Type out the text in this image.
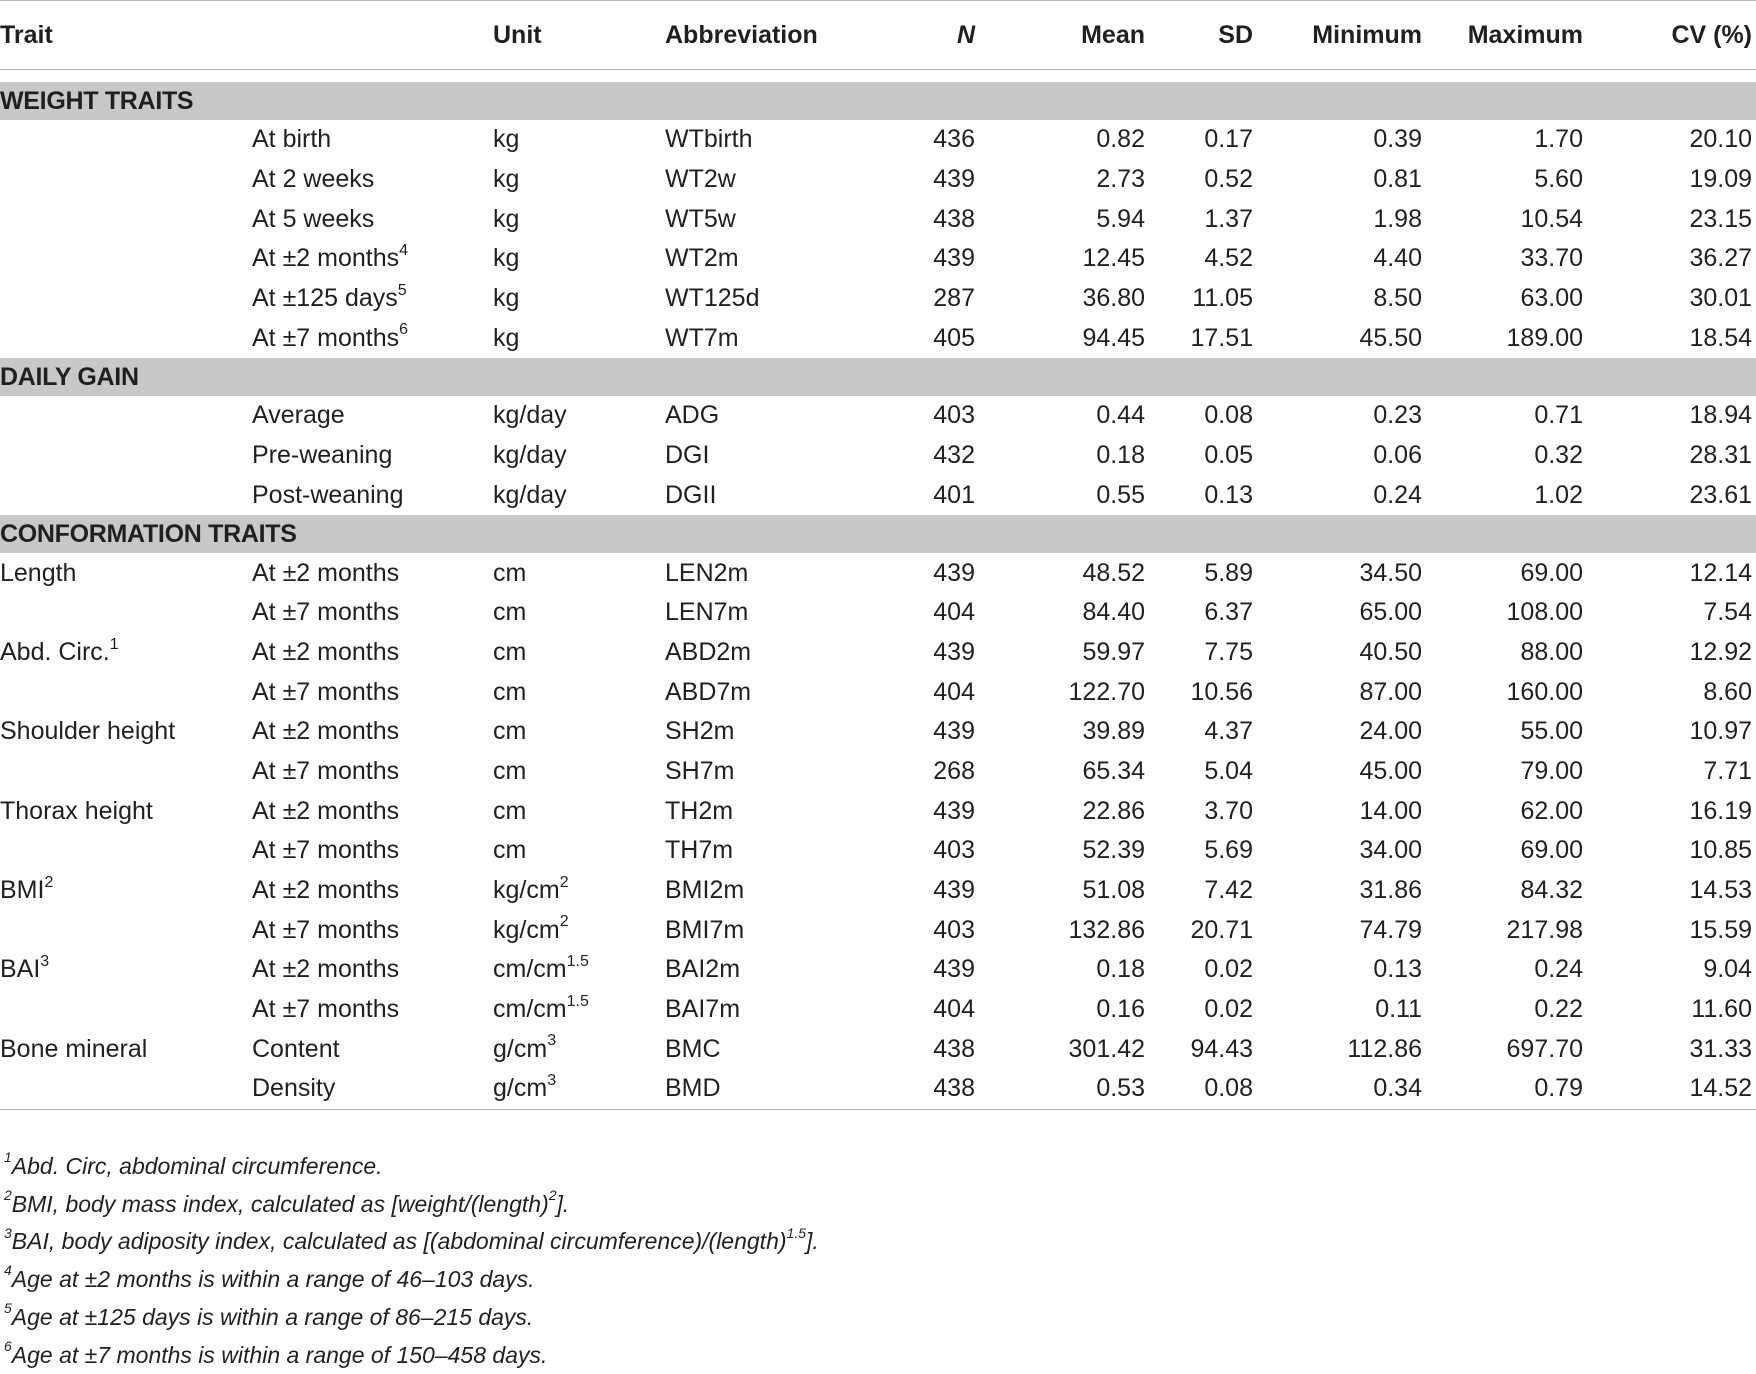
Trait		Unit	Abbreviation	N	Mean	SD	Minimum	Maximum	CV (%)

WEIGHT TRAITS									
	At birth	kg	WTbirth	436	0.82	0.17	0.39	1.70	20.10
	At 2 weeks	kg	WT2w	439	2.73	0.52	0.81	5.60	19.09
	At 5 weeks	kg	WT5w	438	5.94	1.37	1.98	10.54	23.15
	At ±2 months$^4$	kg	WT2m	439	12.45	4.52	4.40	33.70	36.27
	At ±125 days$^5$	kg	WT125d	287	36.80	11.05	8.50	63.00	30.01
	At ±7 months$^6$	kg	WT7m	405	94.45	17.51	45.50	189.00	18.54
DAILY GAIN									
	Average	kg/day	ADG	403	0.44	0.08	0.23	0.71	18.94
	Pre-weaning	kg/day	DGI	432	0.18	0.05	0.06	0.32	28.31
	Post-weaning	kg/day	DGII	401	0.55	0.13	0.24	1.02	23.61
CONFORMATION TRAITS									
Length	At ±2 months	cm	LEN2m	439	48.52	5.89	34.50	69.00	12.14
	At ±7 months	cm	LEN7m	404	84.40	6.37	65.00	108.00	7.54
Abd. Circ.$^1$	At ±2 months	cm	ABD2m	439	59.97	7.75	40.50	88.00	12.92
	At ±7 months	cm	ABD7m	404	122.70	10.56	87.00	160.00	8.60
Shoulder height	At ±2 months	cm	SH2m	439	39.89	4.37	24.00	55.00	10.97
	At ±7 months	cm	SH7m	268	65.34	5.04	45.00	79.00	7.71
Thorax height	At ±2 months	cm	TH2m	439	22.86	3.70	14.00	62.00	16.19
	At ±7 months	cm	TH7m	403	52.39	5.69	34.00	69.00	10.85
BMI$^2$	At ±2 months	$kg/cm^2$	BMI2m	439	51.08	7.42	31.86	84.32	14.53
	At ±7 months	$kg/cm^2$	BMI7m	403	132.86	20.71	74.79	217.98	15.59
BAI$^3$	At ±2 months	$cm/cm^{1.5}$	BAI2m	439	0.18	0.02	0.13	0.24	9.04
	At ±7 months	$cm/cm^{1.5}$	BAI7m	404	0.16	0.02	0.11	0.22	11.60
Bone mineral	Content	$g/cm^3$	BMC	438	301.42	94.43	112.86	697.70	31.33
	Density	$g/cm^3$	BMD	438	0.53	0.08	0.34	0.79	14.52

$^1$Abd. Circ, abdominal circumference.
$^2$BMI, body mass index, calculated as [weight/(length)$^2$].
$^3$BAI, body adiposity index, calculated as [(abdominal circumference)/(length)$^{1.5}$].
$^4$Age at ±2 months is within a range of 46–103 days.
$^5$Age at ±125 days is within a range of 86–215 days.
$^6$Age at ±7 months is within a range of 150–458 days.
